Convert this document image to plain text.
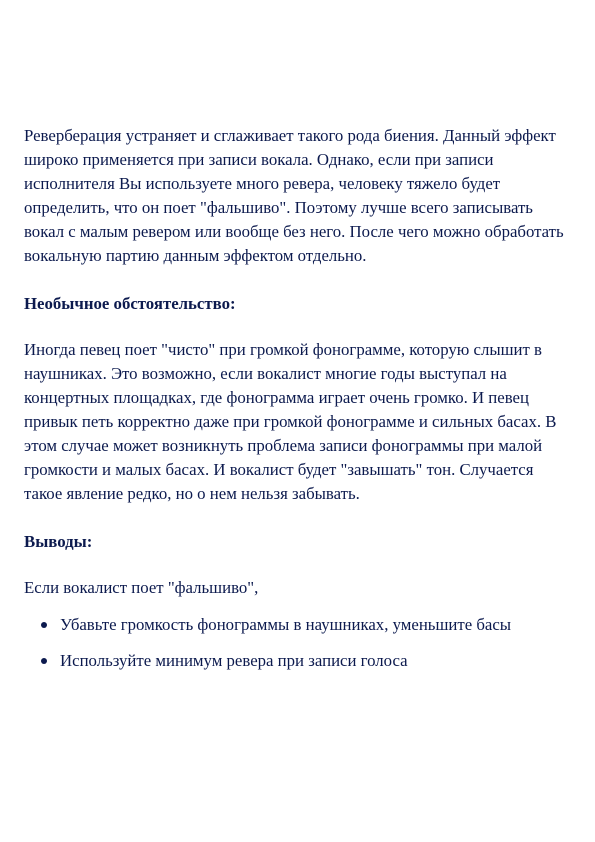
Реверберация устраняет и сглаживает такого рода биения. Данный эффект широко применяется при записи вокала. Однако, если при записи исполнителя Вы используете много ревера, человеку тяжело будет определить, что он поет "фальшиво". Поэтому лучше всего записывать вокал с малым ревером или вообще без него. После чего можно обработать вокальную партию данным эффектом отдельно.

Необычное обстоятельство:

Иногда певец поет "чисто" при громкой фонограмме, которую слышит в наушниках. Это возможно, если вокалист многие годы выступал на концертных площадках, где фонограмма играет очень громко. И певец привык петь корректно даже при громкой фонограмме и сильных басах. В этом случае может возникнуть проблема записи фонограммы при малой громкости и малых басах. И вокалист будет "завышать" тон. Случается такое явление редко, но о нем нельзя забывать.

Выводы:

Если вокалист поет "фальшиво",

Убавьте громкость фонограммы в наушниках, уменьшите басы
Используйте минимум ревера при записи голоса
